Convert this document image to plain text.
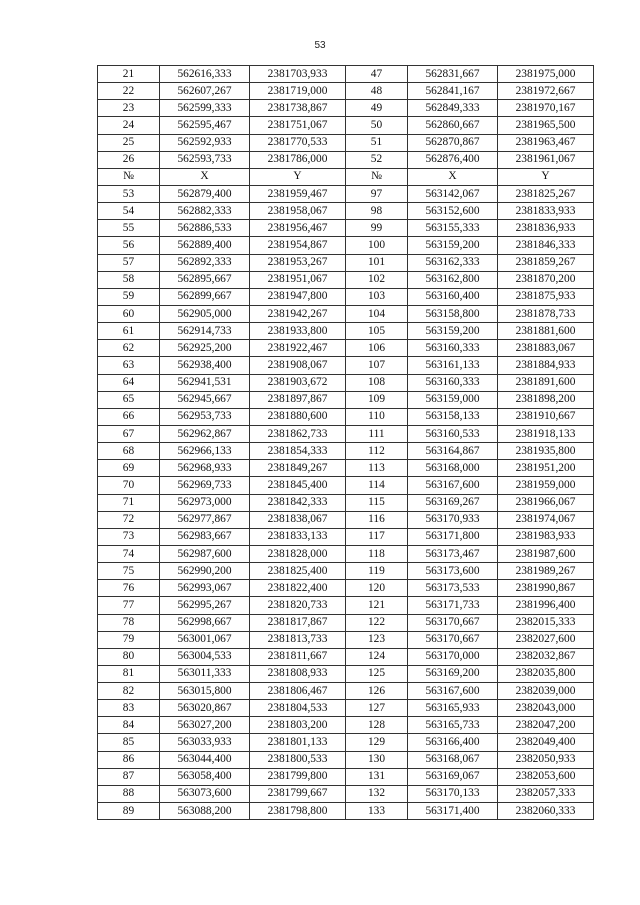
53
21	562616,333	2381703,933		47	562831,667	2381975,000
22	562607,267	2381719,000		48	562841,167	2381972,667
23	562599,333	2381738,867		49	562849,333	2381970,167
24	562595,467	2381751,067		50	562860,667	2381965,500
25	562592,933	2381770,533		51	562870,867	2381963,467
26	562593,733	2381786,000		52	562876,400	2381961,067
№	X	Y		№	X	Y
53	562879,400	2381959,467		97	563142,067	2381825,267
54	562882,333	2381958,067		98	563152,600	2381833,933
55	562886,533	2381956,467		99	563155,333	2381836,933
56	562889,400	2381954,867		100	563159,200	2381846,333
57	562892,333	2381953,267		101	563162,333	2381859,267
58	562895,667	2381951,067		102	563162,800	2381870,200
59	562899,667	2381947,800		103	563160,400	2381875,933
60	562905,000	2381942,267		104	563158,800	2381878,733
61	562914,733	2381933,800		105	563159,200	2381881,600
62	562925,200	2381922,467		106	563160,333	2381883,067
63	562938,400	2381908,067		107	563161,133	2381884,933
64	562941,531	2381903,672		108	563160,333	2381891,600
65	562945,667	2381897,867		109	563159,000	2381898,200
66	562953,733	2381880,600		110	563158,133	2381910,667
67	562962,867	2381862,733		111	563160,533	2381918,133
68	562966,133	2381854,333		112	563164,867	2381935,800
69	562968,933	2381849,267		113	563168,000	2381951,200
70	562969,733	2381845,400		114	563167,600	2381959,000
71	562973,000	2381842,333		115	563169,267	2381966,067
72	562977,867	2381838,067		116	563170,933	2381974,067
73	562983,667	2381833,133		117	563171,800	2381983,933
74	562987,600	2381828,000		118	563173,467	2381987,600
75	562990,200	2381825,400		119	563173,600	2381989,267
76	562993,067	2381822,400		120	563173,533	2381990,867
77	562995,267	2381820,733		121	563171,733	2381996,400
78	562998,667	2381817,867		122	563170,667	2382015,333
79	563001,067	2381813,733		123	563170,667	2382027,600
80	563004,533	2381811,667		124	563170,000	2382032,867
81	563011,333	2381808,933		125	563169,200	2382035,800
82	563015,800	2381806,467		126	563167,600	2382039,000
83	563020,867	2381804,533		127	563165,933	2382043,000
84	563027,200	2381803,200		128	563165,733	2382047,200
85	563033,933	2381801,133		129	563166,400	2382049,400
86	563044,400	2381800,533		130	563168,067	2382050,933
87	563058,400	2381799,800		131	563169,067	2382053,600
88	563073,600	2381799,667		132	563170,133	2382057,333
89	563088,200	2381798,800		133	563171,400	2382060,333
